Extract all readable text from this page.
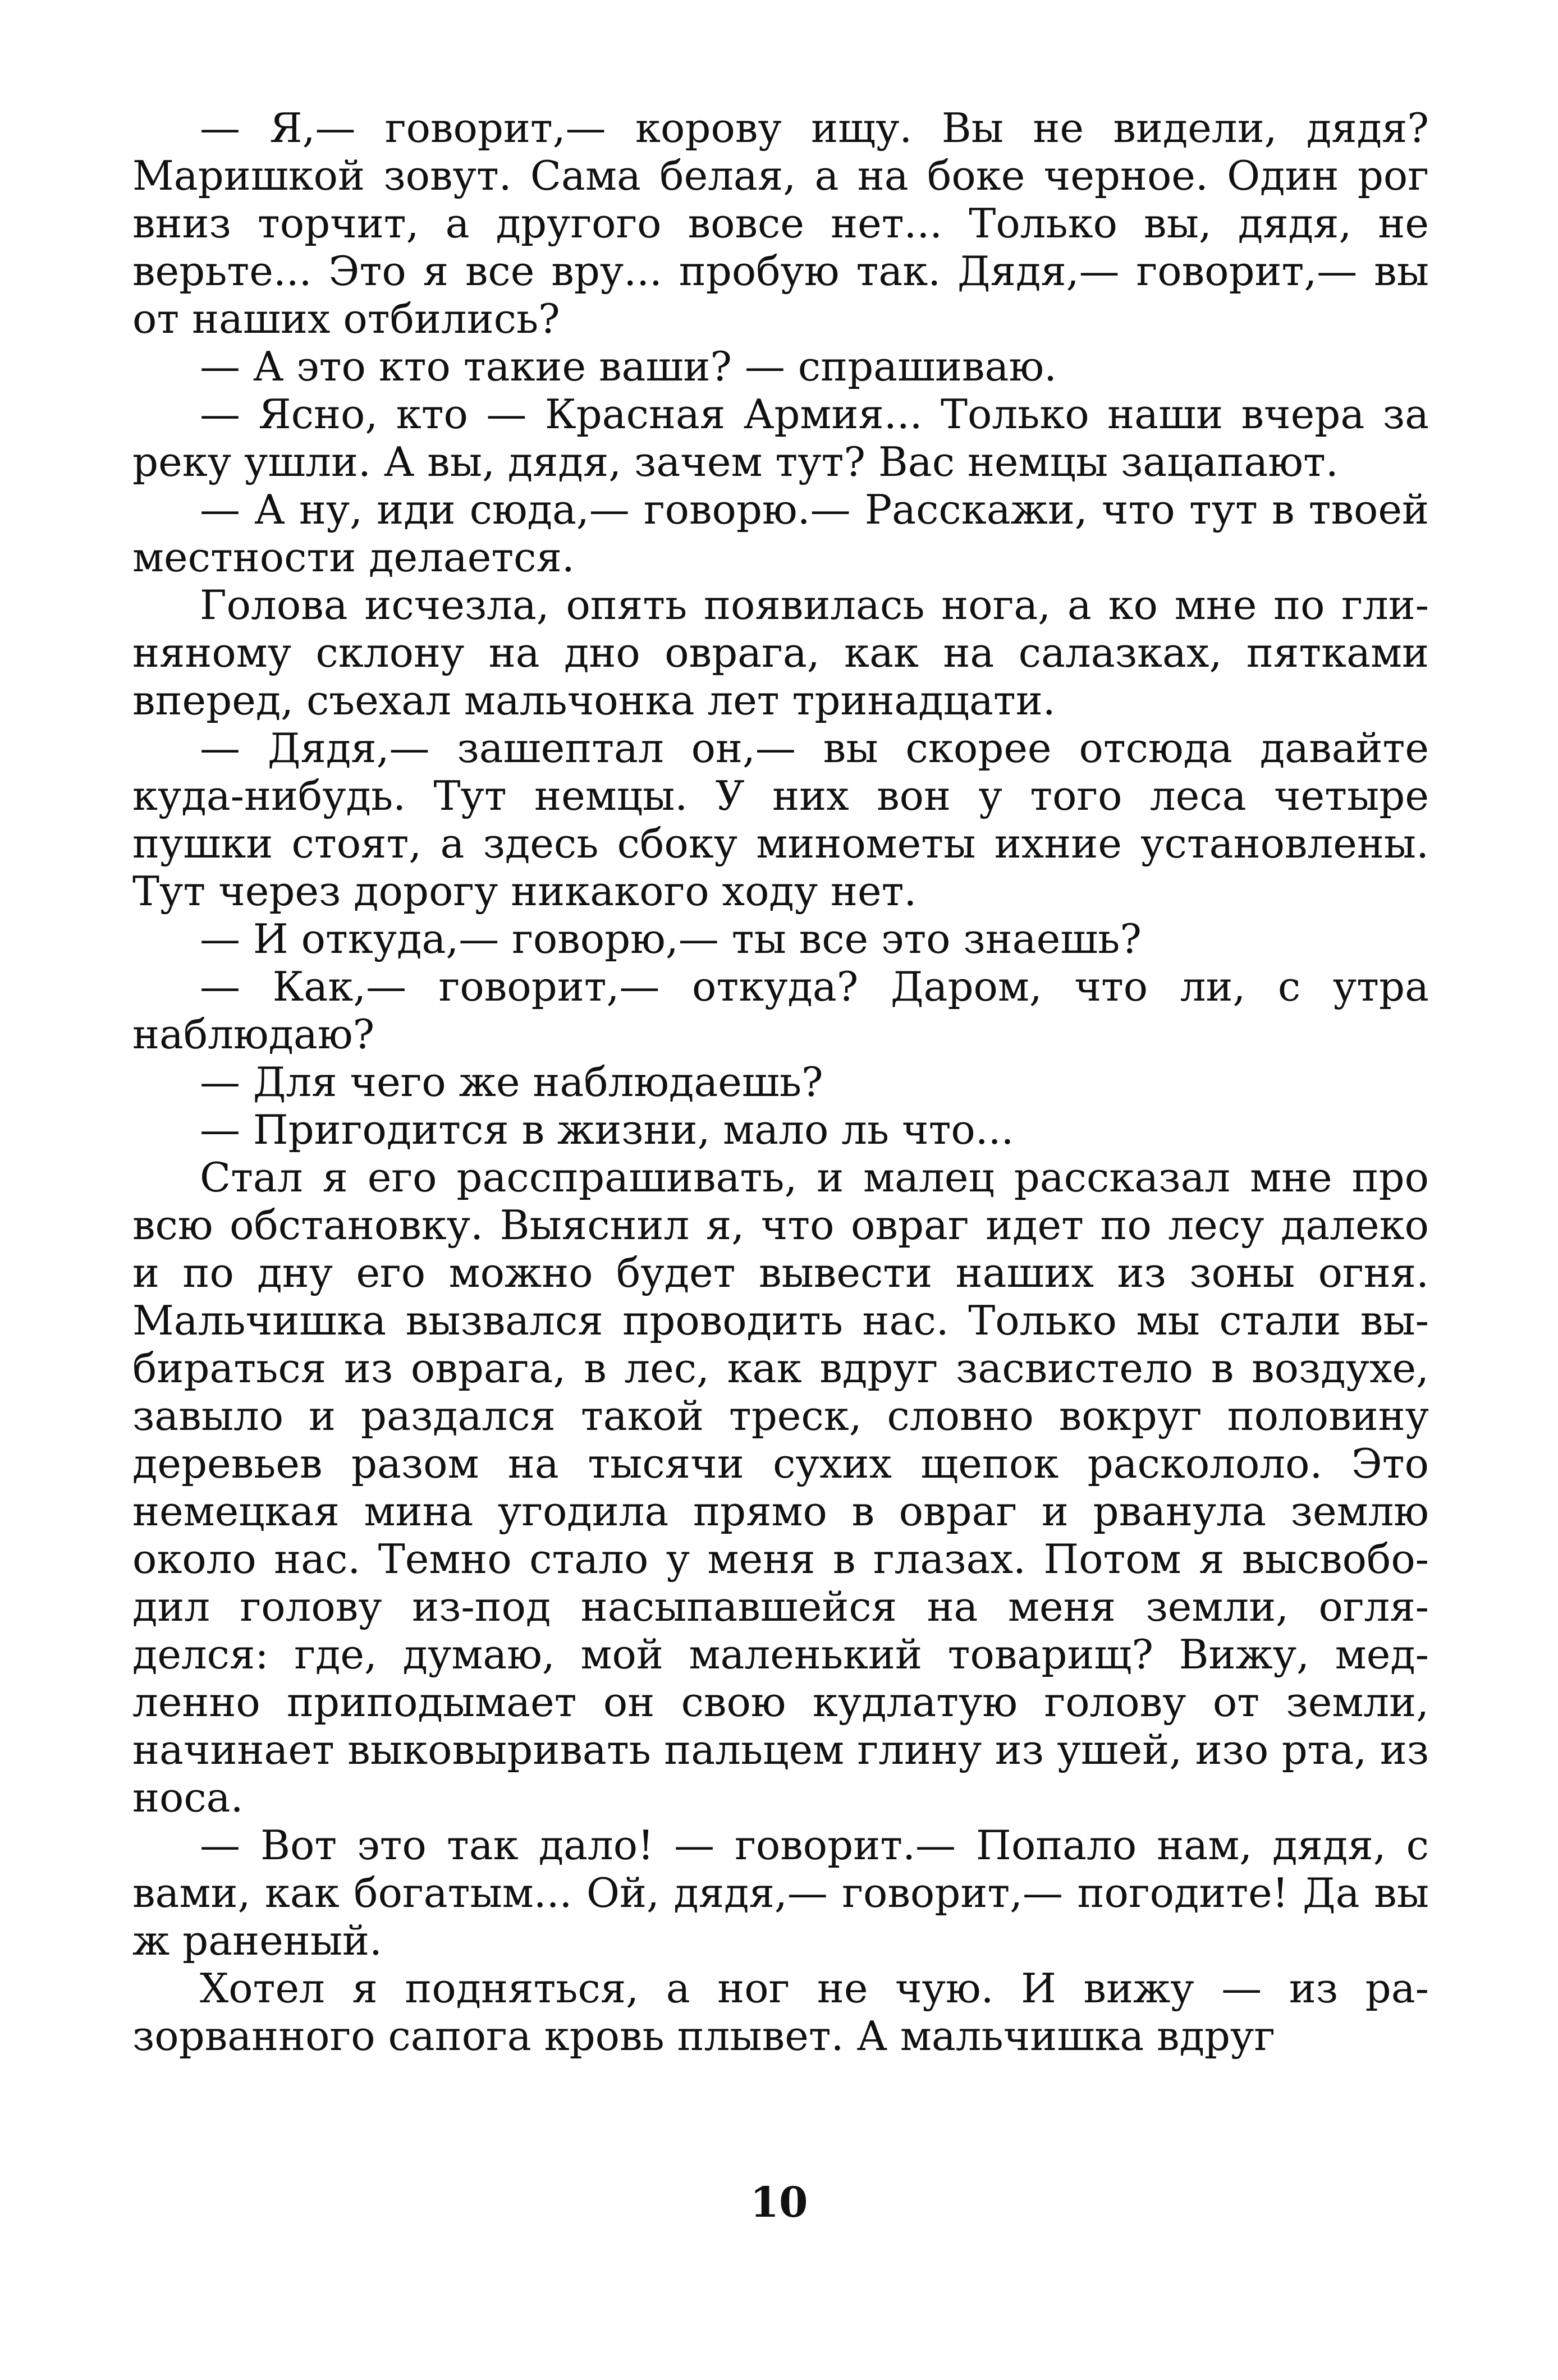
— Я,— говорит,— корову ищу. Вы не видели, дядя? Маришкой зовут. Сама белая, а на боке черное. Один рог вниз торчит, а другого вовсе нет... Только вы, дядя, не верьте... Это я все вру... пробую так. Дядя,— говорит,— вы от наших отбились?

— А это кто такие ваши? — спрашиваю.

— Ясно, кто — Красная Армия... Только наши вчера за реку ушли. А вы, дядя, зачем тут? Вас немцы зацапают.

— А ну, иди сюда,— говорю.— Расскажи, что тут в твоей местности делается.

Голова исчезла, опять появилась нога, а ко мне по глиняному склону на дно оврага, как на салазках, пятками вперед, съехал мальчонка лет тринадцати.

— Дядя,— зашептал он,— вы скорее отсюда давайте куда-нибудь. Тут немцы. У них вон у того леса четыре пушки стоят, а здесь сбоку минометы ихние установлены. Тут через дорогу никакого ходу нет.

— И откуда,— говорю,— ты все это знаешь?

— Как,— говорит,— откуда? Даром, что ли, с утра наблюдаю?

— Для чего же наблюдаешь?

— Пригодится в жизни, мало ль что...

Стал я его расспрашивать, и малец рассказал мне про всю обстановку. Выяснил я, что овраг идет по лесу далеко и по дну его можно будет вывести наших из зоны огня. Мальчишка вызвался проводить нас. Только мы стали выбираться из оврага, в лес, как вдруг засвистело в воздухе, завыло и раздался такой треск, словно вокруг половину деревьев разом на тысячи сухих щепок раскололо. Это немецкая мина угодила прямо в овраг и рванула землю около нас. Темно стало у меня в глазах. Потом я высвободил голову из-под насыпавшейся на меня земли, огляделся: где, думаю, мой маленький товарищ? Вижу, медленно приподымает он свою кудлатую голову от земли, начинает выковыривать пальцем глину из ушей, изо рта, из носа.

— Вот это так дало! — говорит.— Попало нам, дядя, с вами, как богатым... Ой, дядя,— говорит,— погодите! Да вы ж раненый.

Хотел я подняться, а ног не чую. И вижу — из разорванного сапога кровь плывет. А мальчишка вдруг

10
